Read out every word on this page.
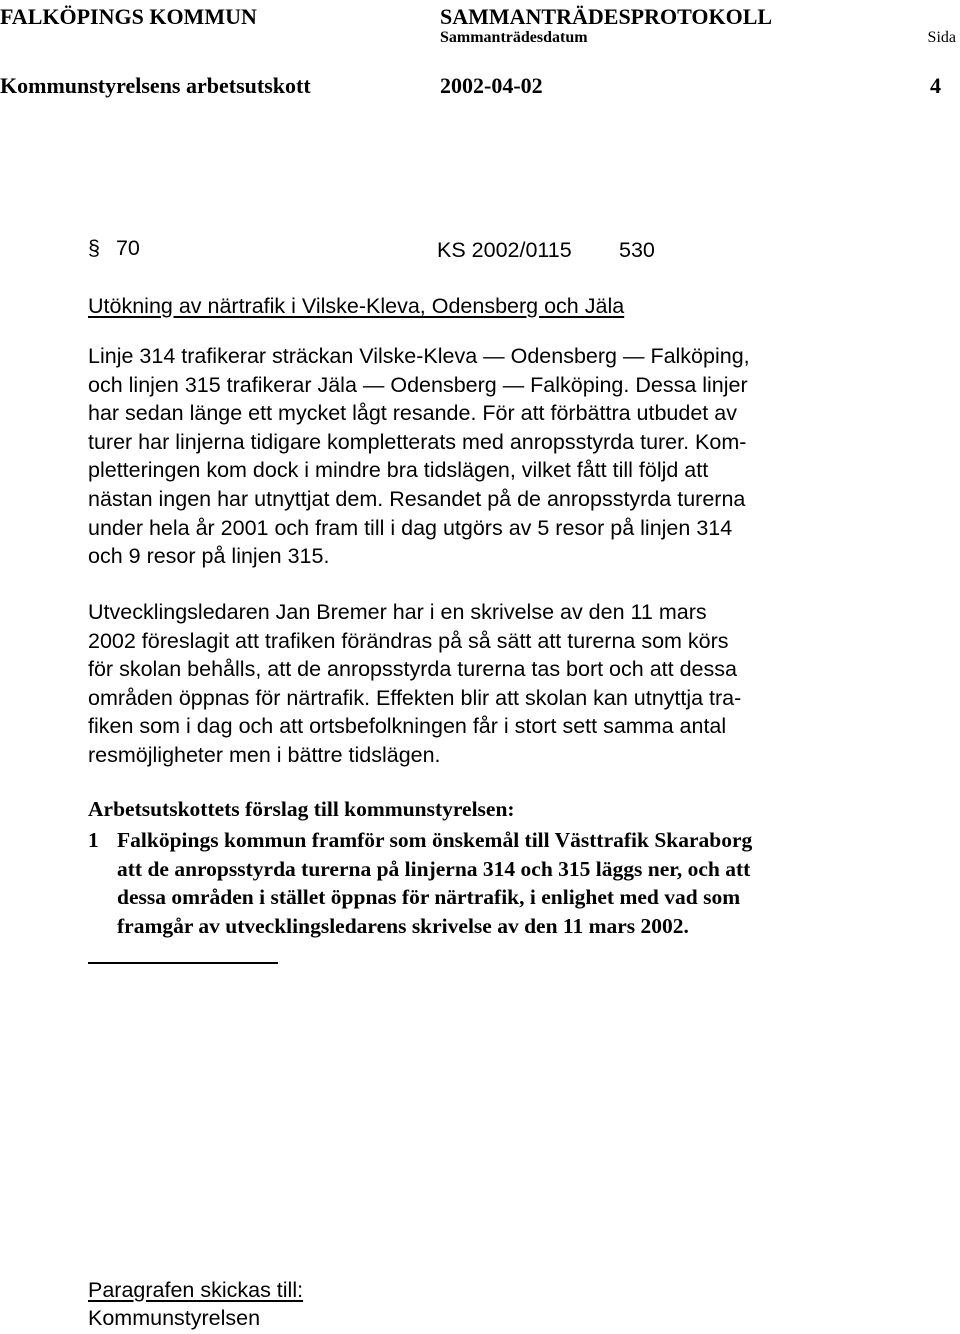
FALKÖPINGS KOMMUN	SAMMANTRÄDESPROTOKOLL
Sammanträdesdatum	Sida
Kommunstyrelsens arbetsutskott	2002-04-02	4
§ 70	KS 2002/0115 530
Utökning av närtrafik i Vilske-Kleva, Odensberg och Jäla
Linje 314 trafikerar sträckan Vilske-Kleva — Odensberg — Falköping,
och linjen 315 trafikerar Jäla — Odensberg — Falköping. Dessa linjer
har sedan länge ett mycket lågt resande. För att förbättra utbudet av
turer har linjerna tidigare kompletterats med anropsstyrda turer. Kom-
pletteringen kom dock i mindre bra tidslägen, vilket fått till följd att
nästan ingen har utnyttjat dem. Resandet på de anropsstyrda turerna
under hela år 2001 och fram till i dag utgörs av 5 resor på linjen 314
och 9 resor på linjen 315.
Utvecklingsledaren Jan Bremer har i en skrivelse av den 11 mars
2002 föreslagit att trafiken förändras på så sätt att turerna som körs
för skolan behålls, att de anropsstyrda turerna tas bort och att dessa
områden öppnas för närtrafik. Effekten blir att skolan kan utnyttja tra-
fiken som i dag och att ortsbefolkningen får i stort sett samma antal
resmöjligheter men i bättre tidslägen.
Arbetsutskottets förslag till kommunstyrelsen:
1 Falköpings kommun framför som önskemål till Västtrafik Skaraborg
att de anropsstyrda turerna på linjerna 314 och 315 läggs ner, och att
dessa områden i stället öppnas för närtrafik, i enlighet med vad som
framgår av utvecklingsledarens skrivelse av den 11 mars 2002.
Paragrafen skickas till:
Kommunstyrelsen
